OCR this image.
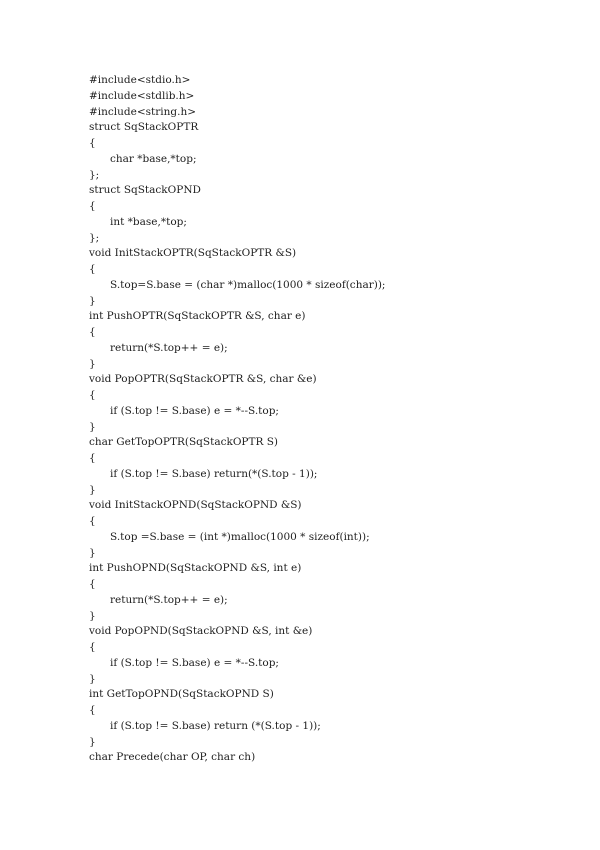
#include<stdio.h>
#include<stdlib.h>
#include<string.h>
struct SqStackOPTR
{
char *base,*top;
};
struct SqStackOPND
{
int *base,*top;
};
void InitStackOPTR(SqStackOPTR &S)
{
S.top=S.base = (char *)malloc(1000 * sizeof(char));
}
int PushOPTR(SqStackOPTR &S, char e)
{
return(*S.top++ = e);
}
void PopOPTR(SqStackOPTR &S, char &e)
{
if (S.top != S.base) e = *--S.top;
}
char GetTopOPTR(SqStackOPTR S)
{
if (S.top != S.base) return(*(S.top - 1));
}
void InitStackOPND(SqStackOPND &S)
{
S.top =S.base = (int *)malloc(1000 * sizeof(int));
}
int PushOPND(SqStackOPND &S, int e)
{
return(*S.top++ = e);
}
void PopOPND(SqStackOPND &S, int &e)
{
if (S.top != S.base) e = *--S.top;
}
int GetTopOPND(SqStackOPND S)
{
if (S.top != S.base) return (*(S.top - 1));
}
char Precede(char OP, char ch)
